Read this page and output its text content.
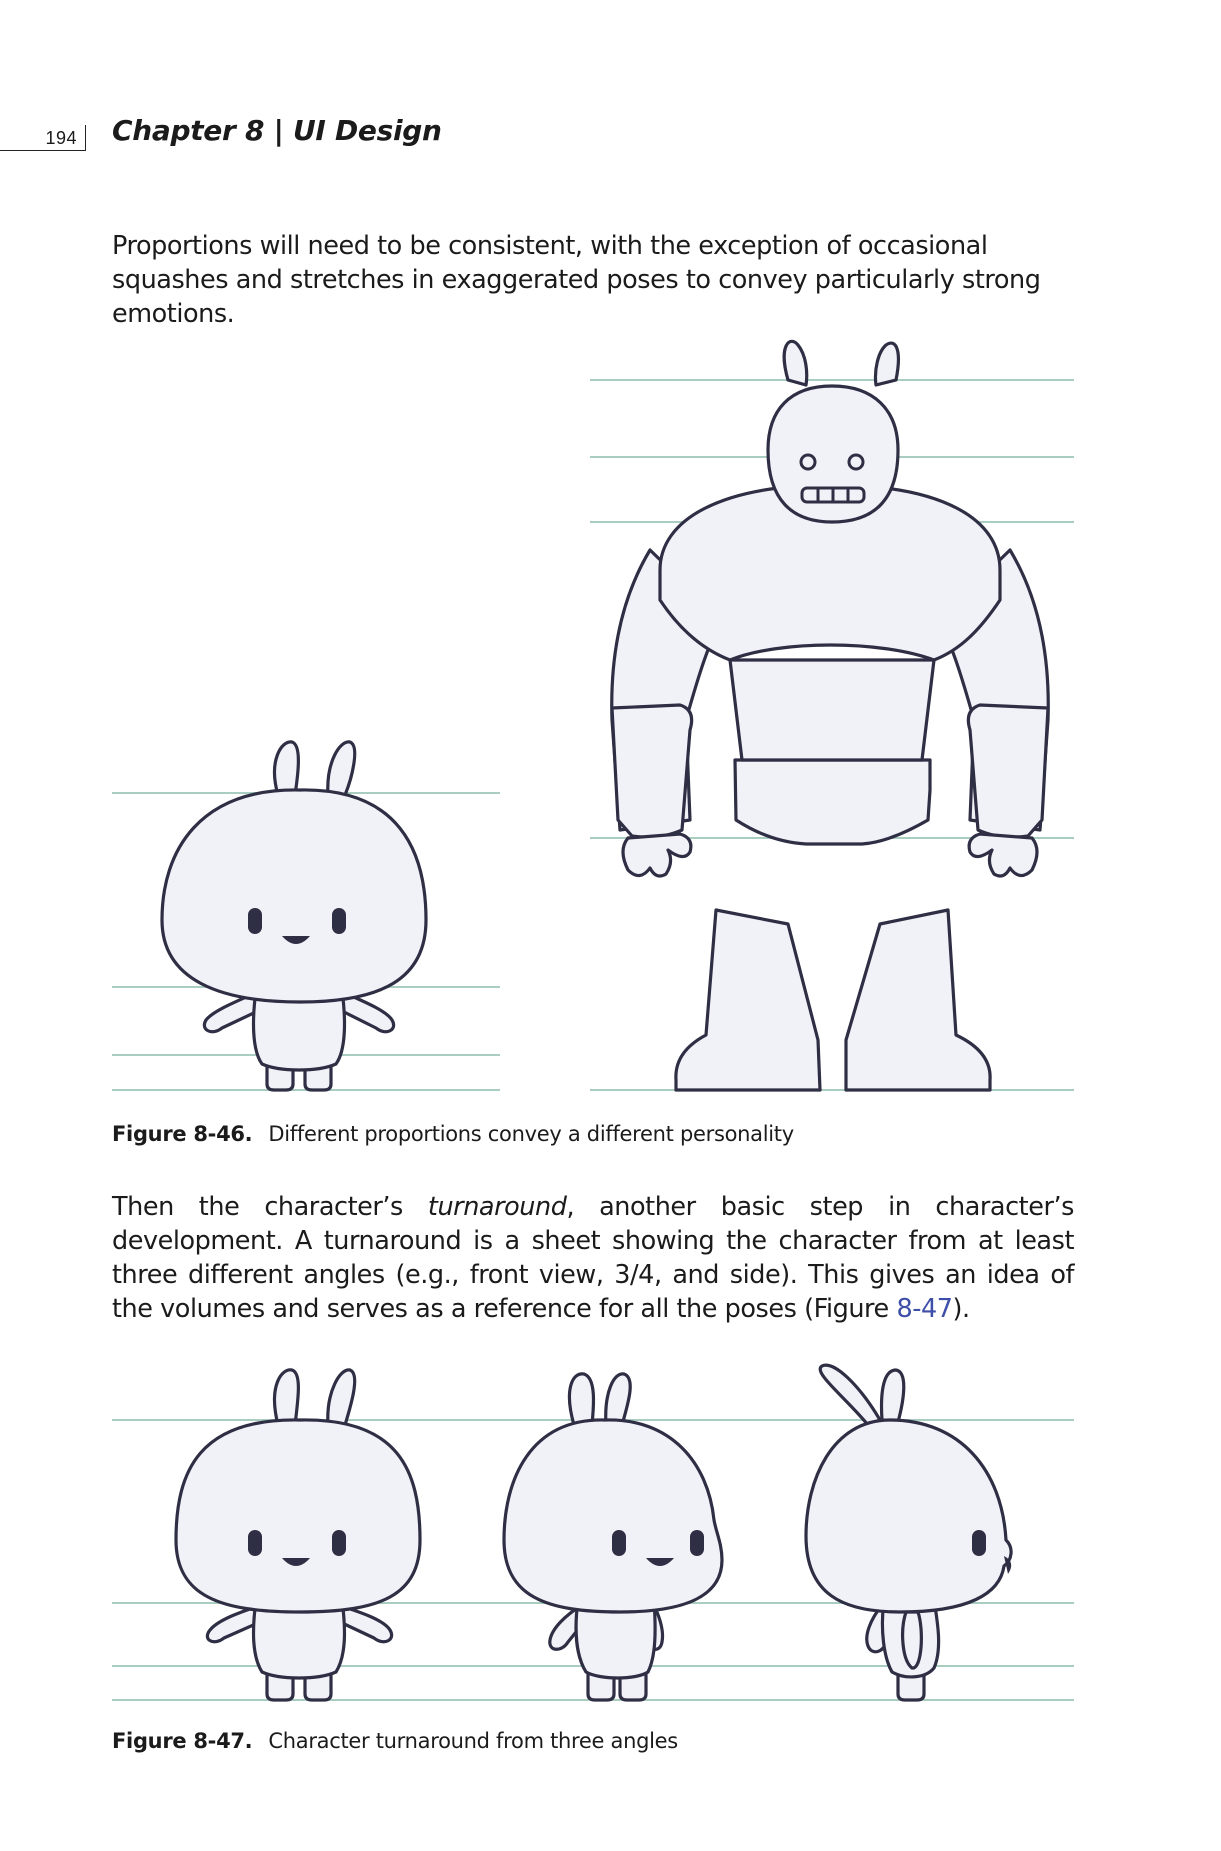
194 Chapter 8 | UI Design
Proportions will need to be consistent, with the exception of occasional squashes and stretches in exaggerated poses to convey particularly strong emotions.
Figure 8-46. Different proportions convey a different personality
Then the character’s turnaround, another basic step in character’s development. A turnaround is a sheet showing the character from at least three different angles (e.g., front view, 3/4, and side). This gives an idea of the volumes and serves as a reference for all the poses (Figure 8-47).
Figure 8-47. Character turnaround from three angles
